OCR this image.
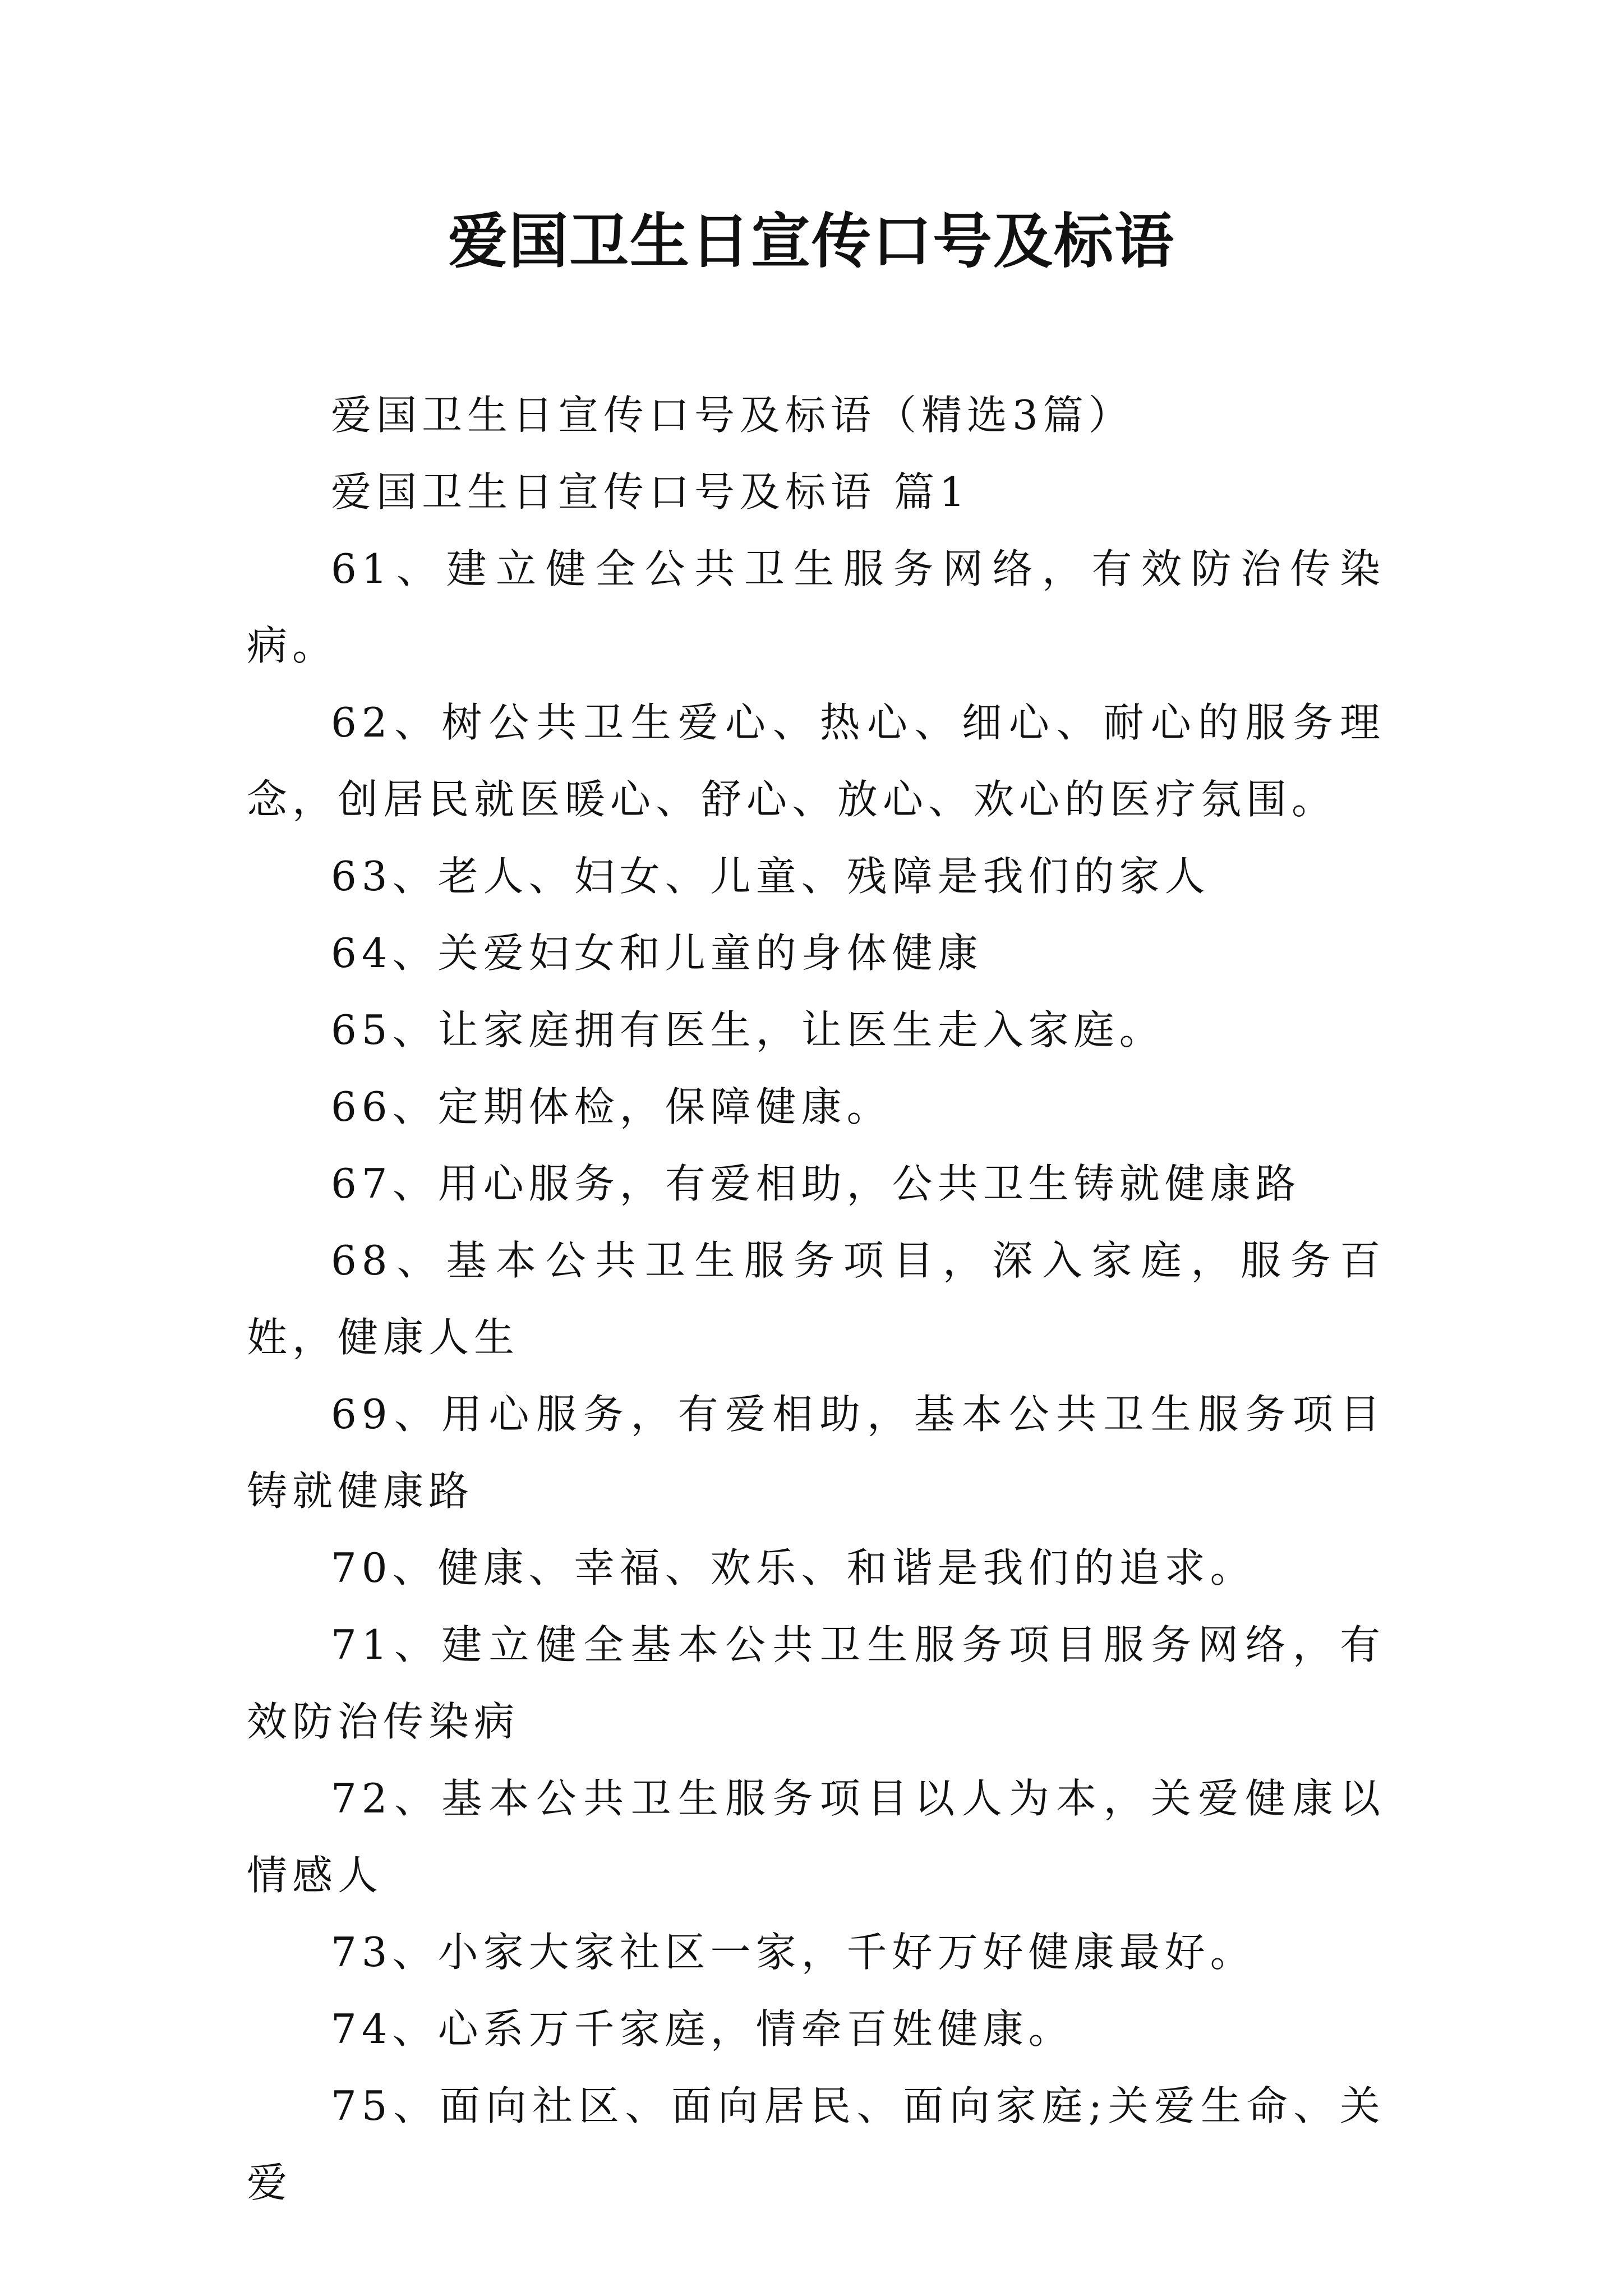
爱国卫生日宣传口号及标语

爱国卫生日宣传口号及标语（精选3篇）

爱国卫生日宣传口号及标语 篇1

61、建立健全公共卫生服务网络，有效防治传染病。

62、树公共卫生爱心、热心、细心、耐心的服务理念，创居民就医暖心、舒心、放心、欢心的医疗氛围。

63、老人、妇女、儿童、残障是我们的家人

64、关爱妇女和儿童的身体健康

65、让家庭拥有医生，让医生走入家庭。

66、定期体检，保障健康。

67、用心服务，有爱相助，公共卫生铸就健康路

68、基本公共卫生服务项目，深入家庭，服务百姓，健康人生

69、用心服务，有爱相助，基本公共卫生服务项目铸就健康路

70、健康、幸福、欢乐、和谐是我们的追求。

71、建立健全基本公共卫生服务项目服务网络，有效防治传染病

72、基本公共卫生服务项目以人为本，关爱健康以情感人

73、小家大家社区一家，千好万好健康最好。

74、心系万千家庭，情牵百姓健康。

75、面向社区、面向居民、面向家庭;关爱生命、关爱
